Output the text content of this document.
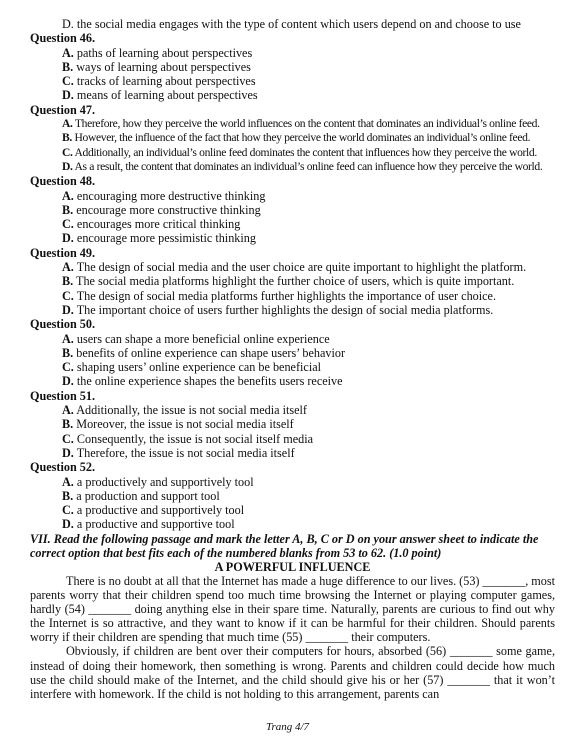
D. the social media engages with the type of content which users depend on and choose to use
Question 46.
A. paths of learning about perspectives
B. ways of learning about perspectives
C. tracks of learning about perspectives
D. means of learning about perspectives
Question 47.
A. Therefore, how they perceive the world influences on the content that dominates an individual’s online feed.
B. However, the influence of the fact that how they perceive the world dominates an individual’s online feed.
C. Additionally, an individual’s online feed dominates the content that influences how they perceive the world.
D. As a result, the content that dominates an individual’s online feed can influence how they perceive the world.
Question 48.
A. encouraging more destructive thinking
B. encourage more constructive thinking
C. encourages more critical thinking
D. encourage more pessimistic thinking
Question 49.
A. The design of social media and the user choice are quite important to highlight the platform.
B. The social media platforms highlight the further choice of users, which is quite important.
C. The design of social media platforms further highlights the importance of user choice.
D. The important choice of users further highlights the design of social media platforms.
Question 50.
A. users can shape a more beneficial online experience
B. benefits of online experience can shape users’ behavior
C. shaping users’ online experience can be beneficial
D. the online experience shapes the benefits users receive
Question 51.
A. Additionally, the issue is not social media itself
B. Moreover, the issue is not social media itself
C. Consequently, the issue is not social itself media
D. Therefore, the issue is not social media itself
Question 52.
A. a productively and supportively tool
B. a production and support tool
C. a productive and supportively tool
D. a productive and supportive tool
VII. Read the following passage and mark the letter A, B, C or D on your answer sheet to indicate the correct option that best fits each of the numbered blanks from 53 to 62. (1.0 point)
A POWERFUL INFLUENCE
There is no doubt at all that the Internet has made a huge difference to our lives. (53) _______, most parents worry that their children spend too much time browsing the Internet or playing computer games, hardly (54) _______ doing anything else in their spare time. Naturally, parents are curious to find out why the Internet is so attractive, and they want to know if it can be harmful for their children. Should parents worry if their children are spending that much time (55) _______ their computers.
Obviously, if children are bent over their computers for hours, absorbed (56) _______ some game, instead of doing their homework, then something is wrong. Parents and children could decide how much use the child should make of the Internet, and the child should give his or her (57) _______ that it won’t interfere with homework. If the child is not holding to this arrangement, parents can
Trang 4/7
